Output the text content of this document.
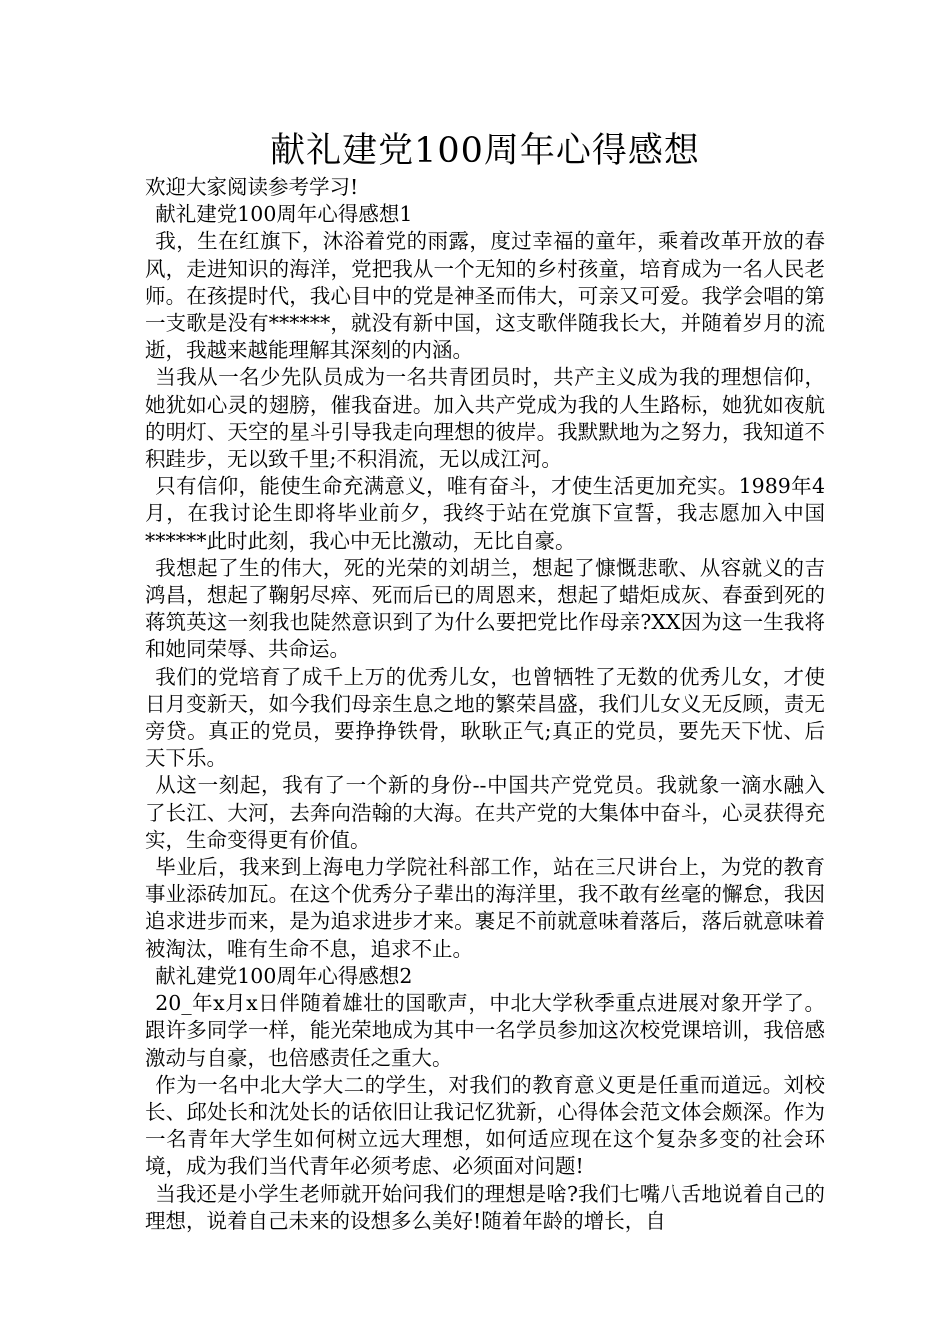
献礼建党100周年心得感想

欢迎大家阅读参考学习!

献礼建党100周年心得感想1

我，生在红旗下，沐浴着党的雨露，度过幸福的童年，乘着改革开放的春风，走进知识的海洋，党把我从一个无知的乡村孩童，培育成为一名人民老师。在孩提时代，我心目中的党是神圣而伟大，可亲又可爱。我学会唱的第一支歌是没有******，就没有新中国，这支歌伴随我长大，并随着岁月的流逝，我越来越能理解其深刻的内涵。

当我从一名少先队员成为一名共青团员时，共产主义成为我的理想信仰，她犹如心灵的翅膀，催我奋进。加入共产党成为我的人生路标，她犹如夜航的明灯、天空的星斗引导我走向理想的彼岸。我默默地为之努力，我知道不积跬步，无以致千里;不积涓流，无以成江河。

只有信仰，能使生命充满意义，唯有奋斗，才使生活更加充实。1989年4月，在我讨论生即将毕业前夕，我终于站在党旗下宣誓，我志愿加入中国******此时此刻，我心中无比激动，无比自豪。

我想起了生的伟大，死的光荣的刘胡兰，想起了慷慨悲歌、从容就义的吉鸿昌，想起了鞠躬尽瘁、死而后已的周恩来，想起了蜡炬成灰、春蚕到死的蒋筑英这一刻我也陡然意识到了为什么要把党比作母亲?XX因为这一生我将和她同荣辱、共命运。

我们的党培育了成千上万的优秀儿女，也曾牺牲了无数的优秀儿女，才使日月变新天，如今我们母亲生息之地的繁荣昌盛，我们儿女义无反顾，责无旁贷。真正的党员，要挣挣铁骨，耿耿正气;真正的党员，要先天下忧、后天下乐。

从这一刻起，我有了一个新的身份--中国共产党党员。我就象一滴水融入了长江、大河，去奔向浩翰的大海。在共产党的大集体中奋斗，心灵获得充实，生命变得更有价值。

毕业后，我来到上海电力学院社科部工作，站在三尺讲台上，为党的教育事业添砖加瓦。在这个优秀分子辈出的海洋里，我不敢有丝毫的懈怠，我因追求进步而来，是为追求进步才来。裹足不前就意味着落后，落后就意味着被淘汰，唯有生命不息，追求不止。

献礼建党100周年心得感想2

20_年x月x日伴随着雄壮的国歌声，中北大学秋季重点进展对象开学了。跟许多同学一样，能光荣地成为其中一名学员参加这次校党课培训，我倍感激动与自豪，也倍感责任之重大。

作为一名中北大学大二的学生，对我们的教育意义更是任重而道远。刘校长、邱处长和沈处长的话依旧让我记忆犹新，心得体会范文体会颇深。作为一名青年大学生如何树立远大理想，如何适应现在这个复杂多变的社会环境，成为我们当代青年必须考虑、必须面对问题!

当我还是小学生老师就开始问我们的理想是啥?我们七嘴八舌地说着自己的理想，说着自己未来的设想多么美好!随着年龄的增长，自
